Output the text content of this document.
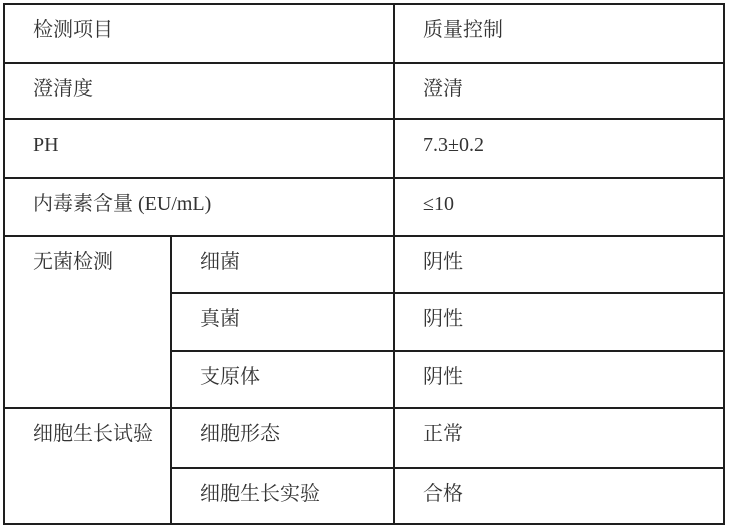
检测项目		质量控制
澄清度		澄清
PH		7.3±0.2
内毒素含量 (EU/mL)		≤10
无菌检测	细菌	阴性
	真菌	阴性
	支原体	阴性
细胞生长试验	细胞形态	正常
	细胞生长实验	合格
